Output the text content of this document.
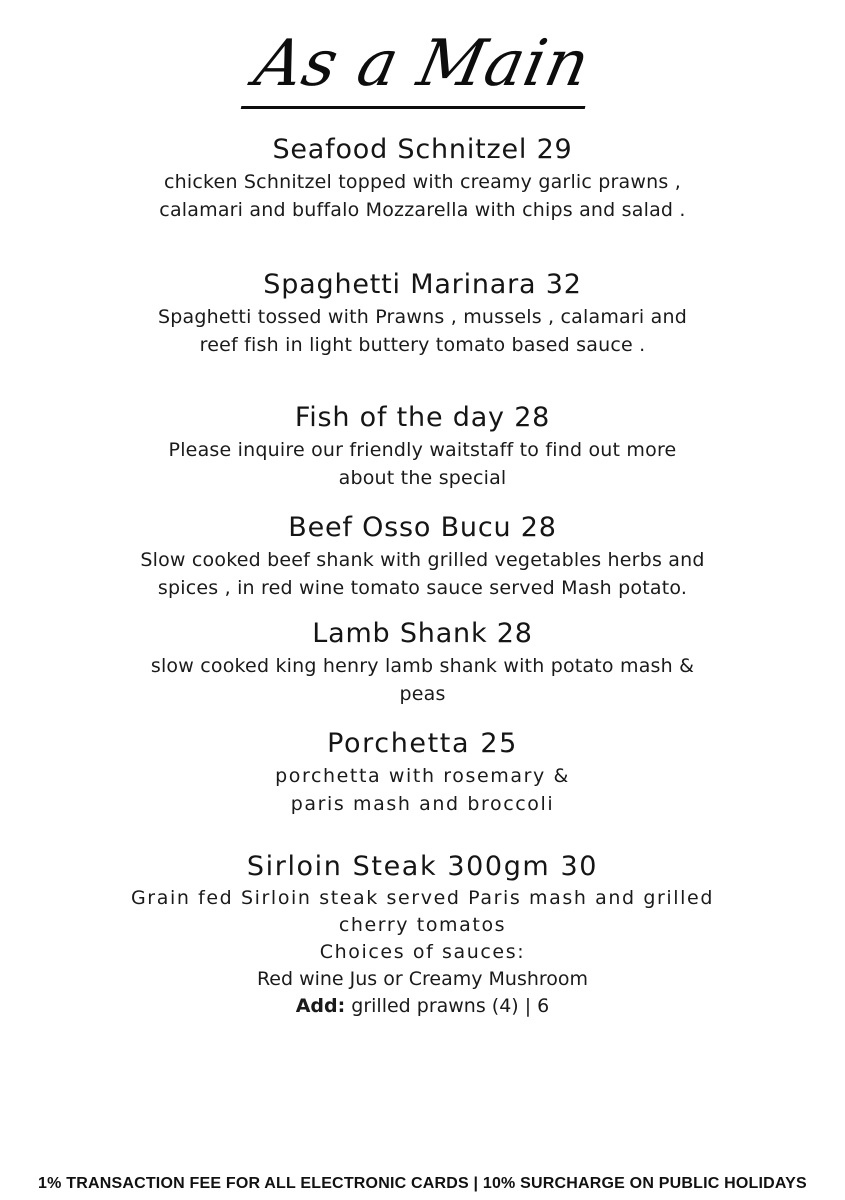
As a Main
Seafood Schnitzel 29
chicken Schnitzel topped with creamy garlic prawns ,
calamari and buffalo Mozzarella with chips and salad .
Spaghetti Marinara 32
Spaghetti tossed with Prawns , mussels , calamari and
reef fish in light buttery tomato based sauce .
Fish of the day 28
Please inquire our friendly waitstaff to find out more
about the special
Beef Osso Bucu 28
Slow cooked beef shank with grilled vegetables herbs and
spices , in red wine tomato sauce served Mash potato.
Lamb Shank 28
slow cooked king henry lamb shank with potato mash &
peas
Porchetta 25
porchetta with rosemary &
paris mash and broccoli
Sirloin Steak 300gm 30
Grain fed Sirloin steak served Paris mash and grilled
cherry tomatos
Choices of sauces:
Red wine Jus or Creamy Mushroom
Add: grilled prawns (4) | 6
1% TRANSACTION FEE FOR ALL ELECTRONIC CARDS | 10% SURCHARGE ON PUBLIC HOLIDAYS
